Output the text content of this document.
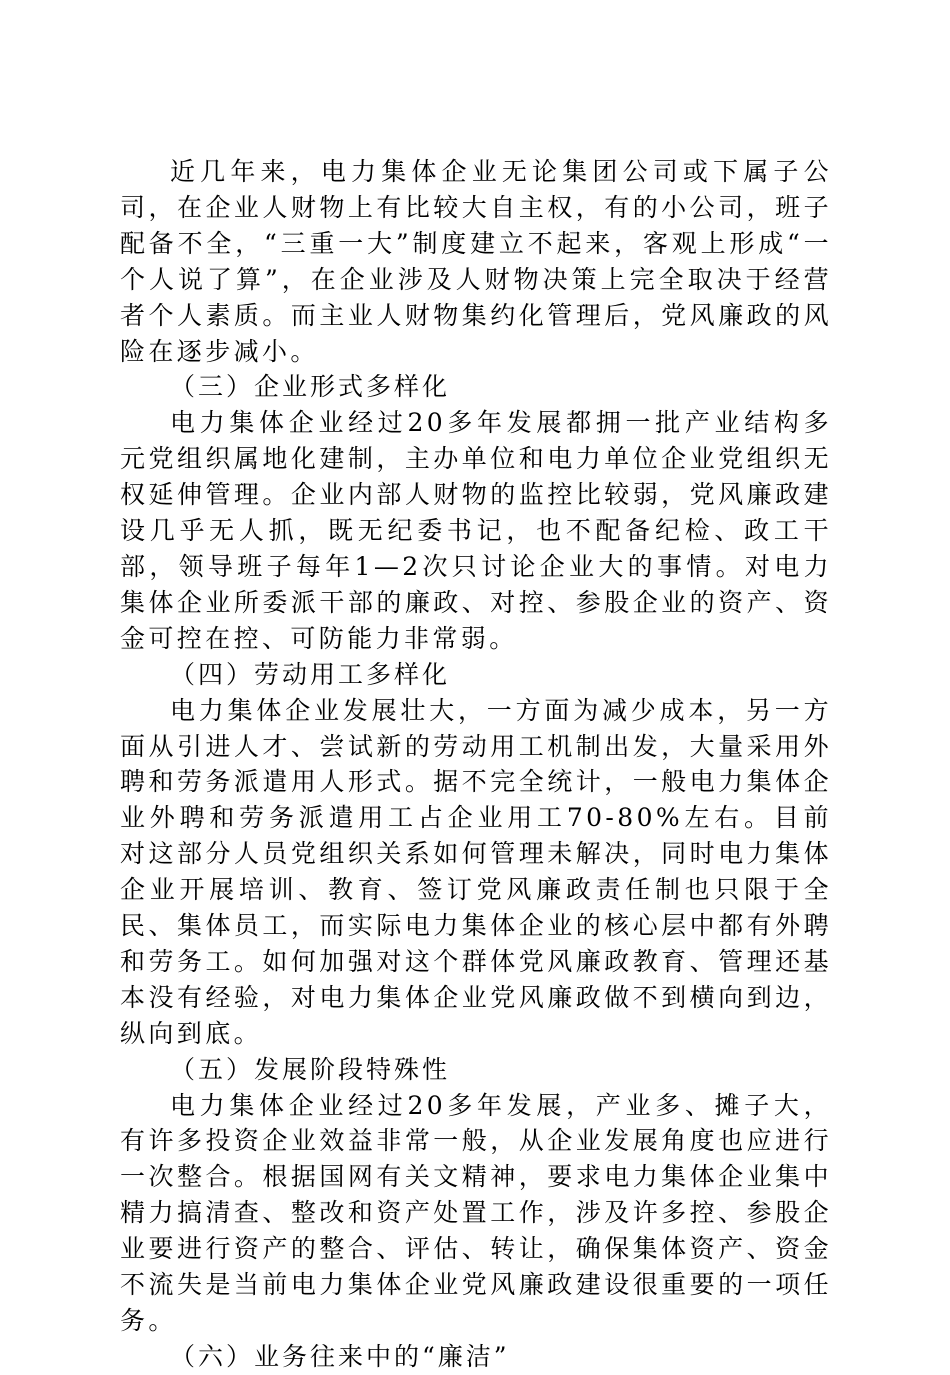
近几年来，电力集体企业无论集团公司或下属子公司，在企业人财物上有比较大自主权，有的小公司，班子配备不全，“三重一大”制度建立不起来，客观上形成“一个人说了算”，在企业涉及人财物决策上完全取决于经营者个人素质。而主业人财物集约化管理后，党风廉政的风险在逐步减小。

（三）企业形式多样化

电力集体企业经过20多年发展都拥一批产业结构多元党组织属地化建制，主办单位和电力单位企业党组织无权延伸管理。企业内部人财物的监控比较弱，党风廉政建设几乎无人抓，既无纪委书记，也不配备纪检、政工干部，领导班子每年1—2次只讨论企业大的事情。对电力集体企业所委派干部的廉政、对控、参股企业的资产、资金可控在控、可防能力非常弱。

（四）劳动用工多样化

电力集体企业发展壮大，一方面为减少成本，另一方面从引进人才、尝试新的劳动用工机制出发，大量采用外聘和劳务派遣用人形式。据不完全统计，一般电力集体企业外聘和劳务派遣用工占企业用工70-80%左右。目前对这部分人员党组织关系如何管理未解决，同时电力集体企业开展培训、教育、签订党风廉政责任制也只限于全民、集体员工，而实际电力集体企业的核心层中都有外聘和劳务工。如何加强对这个群体党风廉政教育、管理还基本没有经验，对电力集体企业党风廉政做不到横向到边，纵向到底。

（五）发展阶段特殊性

电力集体企业经过20多年发展，产业多、摊子大，有许多投资企业效益非常一般，从企业发展角度也应进行一次整合。根据国网有关文精神，要求电力集体企业集中精力搞清查、整改和资产处置工作，涉及许多控、参股企业要进行资产的整合、评估、转让，确保集体资产、资金不流失是当前电力集体企业党风廉政建设很重要的一项任务。

（六）业务往来中的“廉洁”
